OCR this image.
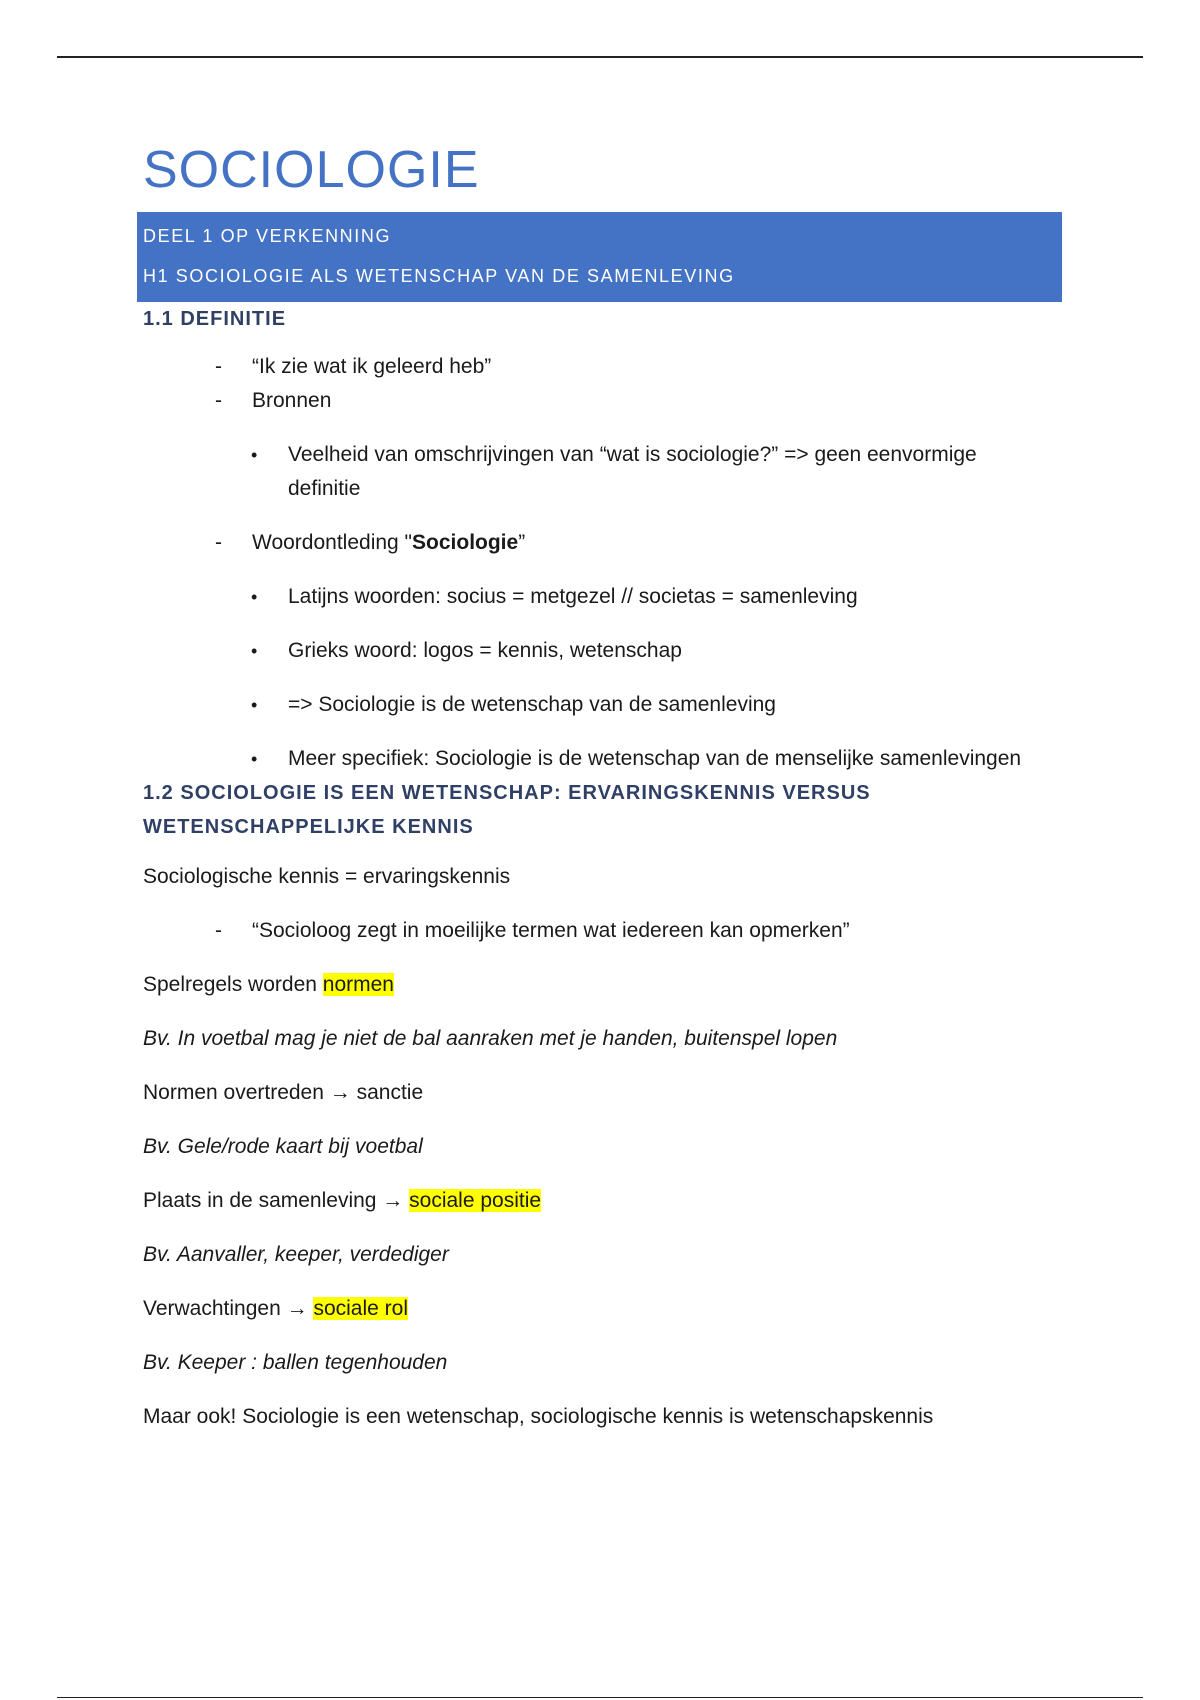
SOCIOLOGIE
DEEL 1 OP VERKENNING
H1 SOCIOLOGIE ALS WETENSCHAP VAN DE SAMENLEVING
1.1 DEFINITIE
- “Ik zie wat ik geleerd heb”
- Bronnen
• Veelheid van omschrijvingen van “wat is sociologie?” => geen eenvormige definitie
- Woordontleding "Sociologie”
• Latijns woorden: socius = metgezel // societas = samenleving
• Grieks woord: logos = kennis, wetenschap
• => Sociologie is de wetenschap van de samenleving
• Meer specifiek: Sociologie is de wetenschap van de menselijke samenlevingen
1.2 SOCIOLOGIE IS EEN WETENSCHAP: ERVARINGSKENNIS VERSUS WETENSCHAPPELIJKE KENNIS

Sociologische kennis = ervaringskennis

- “Socioloog zegt in moeilijke termen wat iedereen kan opmerken”

Spelregels worden normen

Bv. In voetbal mag je niet de bal aanraken met je handen, buitenspel lopen

Normen overtreden → sanctie

Bv. Gele/rode kaart bij voetbal

Plaats in de samenleving → sociale positie

Bv. Aanvaller, keeper, verdediger

Verwachtingen → sociale rol

Bv. Keeper : ballen tegenhouden

Maar ook! Sociologie is een wetenschap, sociologische kennis is wetenschapskennis
